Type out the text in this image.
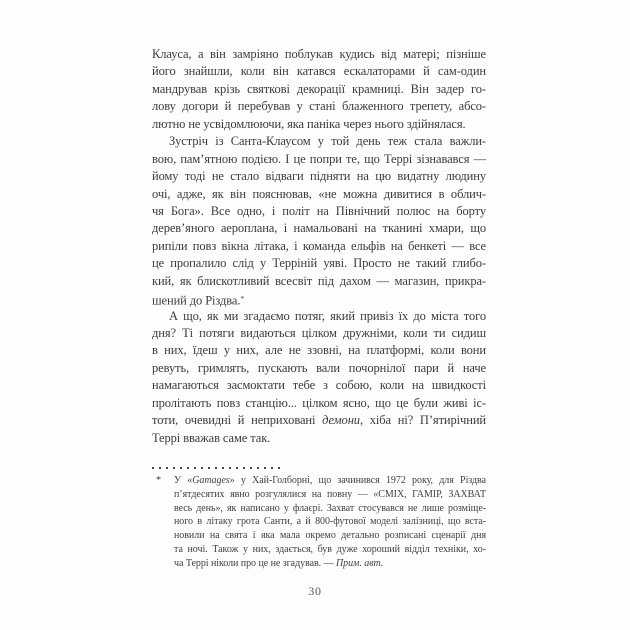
Клауса, а він замріяно поблукав кудись від матері; пізніше
його знайшли, коли він катався ескалаторами й сам-один
мандрував крізь святкові декорації крамниці. Він задер го-
лову догори й перебував у стані блаженного трепету, абсо-
лютно не усвідомлюючи, яка паніка через нього здійнялася.
Зустріч із Санта-Клаусом у той день теж стала важли-
вою, пам’ятною подією. І це попри те, що Террі зізнавався —
йому тоді не стало відваги підняти на цю видатну людину
очі, адже, як він пояснював, «не можна дивитися в облич-
чя Бога». Все одно, і політ на Північний полюс на борту
дерев’яного аероплана, і намальовані на тканині хмари, що
рипіли повз вікна літака, і команда ельфів на бенкеті — все
це пропалило слід у Терріній уяві. Просто не такий глибо-
кий, як блискотливий всесвіт під дахом — магазин, прикра-
шений до Різдва.*
А що, як ми згадаємо потяг, який привіз їх до міста того
дня? Ті потяги видаються цілком дружніми, коли ти сидиш
в них, їдеш у них, але не ззовні, на платформі, коли вони
ревуть, гримлять, пускають вали почорнілої пари й наче
намагаються засмоктати тебе з собою, коли на швидкості
пролітають повз станцію... цілком ясно, що це були живі іс-
тоти, очевидні й неприховані демони, хіба ні? П’ятирічний
Террі вважав саме так.
* У «Gamages» у Хай-Голборні, що зачинився 1972 року, для Різдва
п’ятдесятих явно розгулялися на повну — «СМІХ, ГАМІР, ЗАХВАТ
весь день», як написано у флаєрі. Захват стосувався не лише розміще-
ного в літаку грота Санти, а й 800-футової моделі залізниці, що вста-
новили на свята і яка мала окремо детально розписані сценарії дня
та ночі. Також у них, здається, був дуже хороший відділ техніки, хо-
ча Террі ніколи про це не згадував. — Прим. авт.
30
